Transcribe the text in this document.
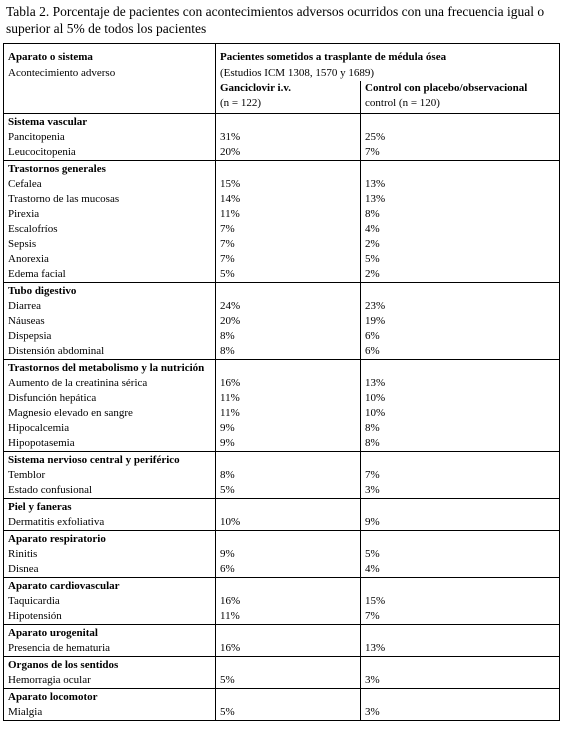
Tabla 2. Porcentaje de pacientes con acontecimientos adversos ocurridos con una frecuencia igual o superior al 5% de todos los pacientes
Aparato o sistema	Pacientes sometidos a trasplante de médula ósea	
Acontecimiento adverso	(Estudios ICM 1308, 1570 y 1689)	
	Ganciclovir i.v.	Control con placebo/observacional
	(n = 122)	control (n = 120)
Sistema vascular		
Pancitopenia	31%	25%
Leucocitopenia	20%	7%
Trastornos generales		
Cefalea	15%	13%
Trastorno de las mucosas	14%	13%
Pirexia	11%	8%
Escalofríos	7%	4%
Sepsis	7%	2%
Anorexia	7%	5%
Edema facial	5%	2%
Tubo digestivo		
Diarrea	24%	23%
Náuseas	20%	19%
Dispepsia	8%	6%
Distensión abdominal	8%	6%
Trastornos del metabolismo y la nutrición		
Aumento de la creatinina sérica	16%	13%
Disfunción hepática	11%	10%
Magnesio elevado en sangre	11%	10%
Hipocalcemia	9%	8%
Hipopotasemia	9%	8%
Sistema nervioso central y periférico		
Temblor	8%	7%
Estado confusional	5%	3%
Piel y faneras		
Dermatitis exfoliativa	10%	9%
Aparato respiratorio		
Rinitis	9%	5%
Disnea	6%	4%
Aparato cardiovascular		
Taquicardia	16%	15%
Hipotensión	11%	7%
Aparato urogenital		
Presencia de hematuria	16%	13%
Organos de los sentidos		
Hemorragia ocular	5%	3%
Aparato locomotor		
Mialgia	5%	3%
